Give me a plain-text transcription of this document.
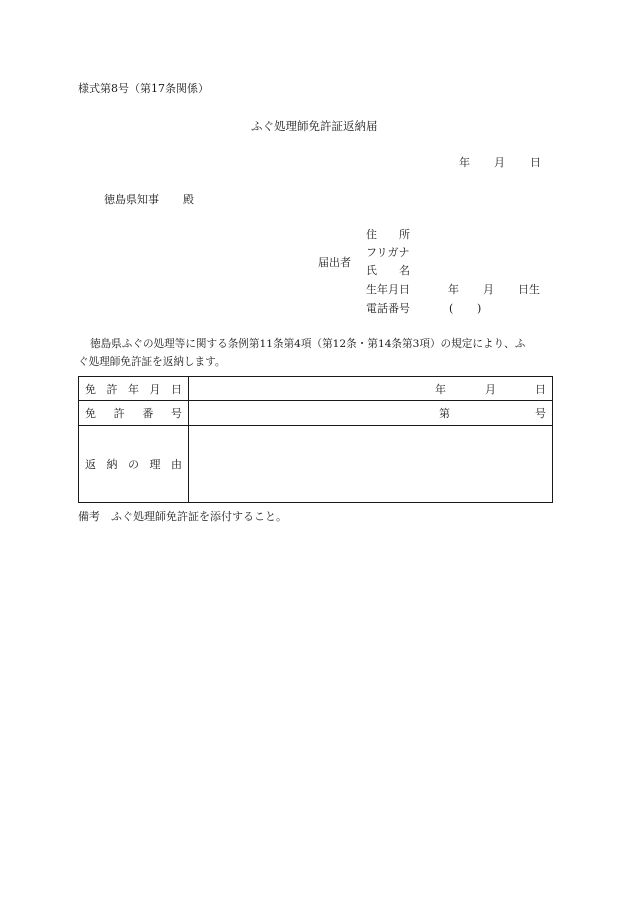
様式第8号（第17条関係）
ふぐ処理師免許証返納届
年 月 日
徳島県知事 殿
届出者
住 所
フリガナ
氏 名
生年月日	年 月 日生
電話番号	( )
徳島県ふぐの処理等に関する条例第11条第4項（第12条・第14条第3項）の規定により、ふ
ぐ処理師免許証を返納します。
免 許 年 月 日	年 月 日

免 許 番 号	第 号

返 納 の 理 由	

備考　ふぐ処理師免許証を添付すること。
